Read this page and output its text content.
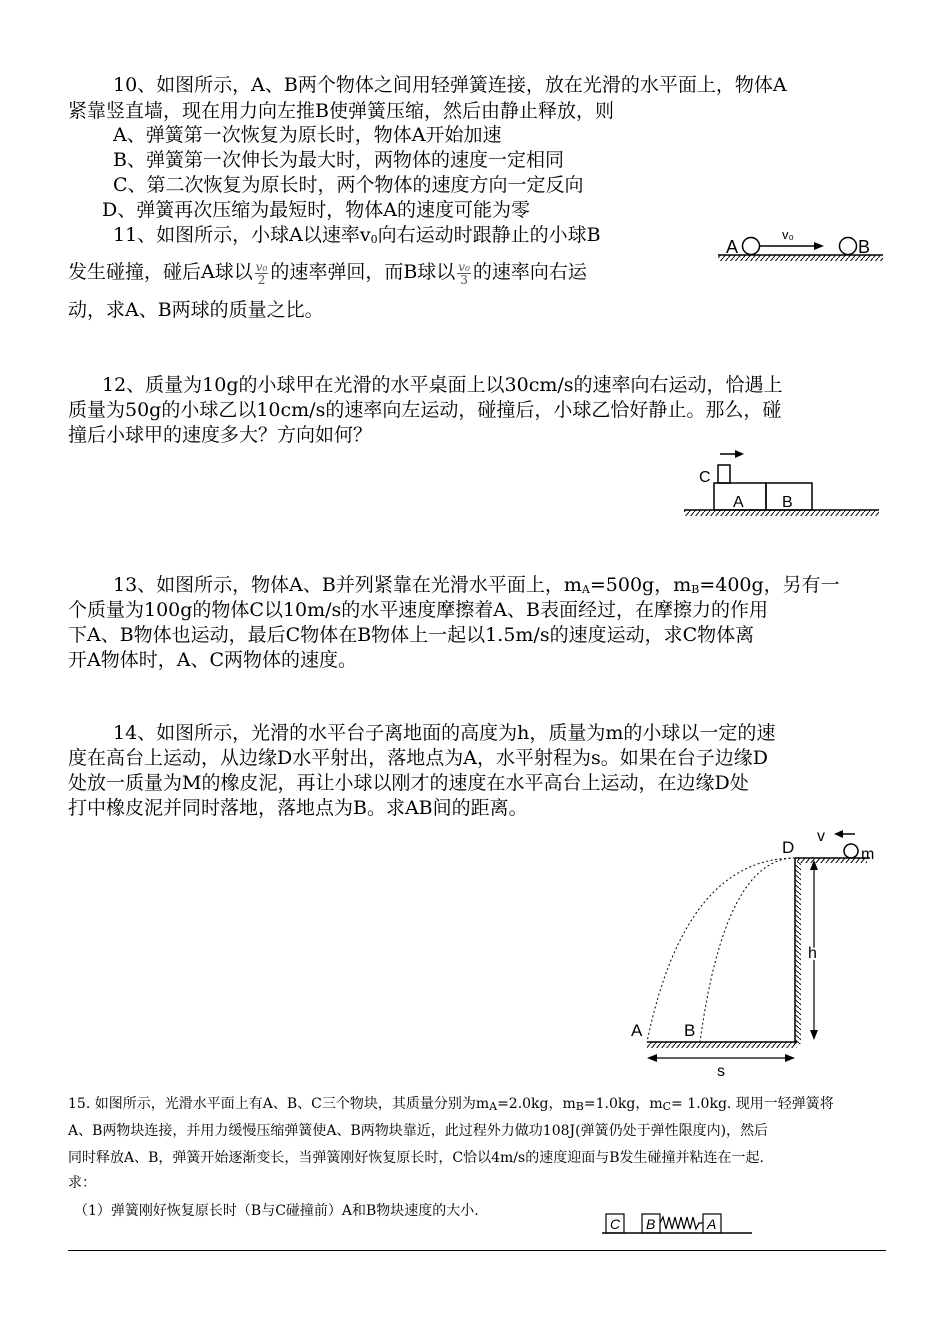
10、如图所示，A、B两个物体之间用轻弹簧连接，放在光滑的水平面上，物体A
紧靠竖直墙，现在用力向左推B使弹簧压缩，然后由静止释放，则
A、弹簧第一次恢复为原长时，物体A开始加速
B、弹簧第一次伸长为最大时，两物体的速度一定相同
C、第二次恢复为原长时，两个物体的速度方向一定反向
D、弹簧再次压缩为最短时，物体A的速度可能为零
11、如图所示，小球A以速率$v_0$向右运动时跟静止的小球B
发生碰撞，碰后A球以 $\frac{\text{v₀}}{2}$ 的速率弹回，而B球以 $\frac{\text{v₀}}{3}$ 的速率向右运
动，求A、B两球的质量之比。
A
v₀
B
12、质量为10g的小球甲在光滑的水平桌面上以30cm/s的速率向右运动，恰遇上
质量为50g的小球乙以10cm/s的速率向左运动，碰撞后，小球乙恰好静止。那么，碰
撞后小球甲的速度多大？方向如何？
C
A B
13、如图所示，物体A、B并列紧靠在光滑水平面上，$m_A=500g$，$m_B=400g$，另有一
个质量为100g的物体C以10m/s的水平速度摩擦着A、B表面经过，在摩擦力的作用
下A、B物体也运动，最后C物体在B物体上一起以1.5m/s的速度运动，求C物体离
开A物体时，A、C两物体的速度。
14、如图所示，光滑的水平台子离地面的高度为h，质量为m的小球以一定的速
度在高台上运动，从边缘D水平射出，落地点为A，水平射程为s。如果在台子边缘D
处放一质量为M的橡皮泥，再让小球以刚才的速度在水平高台上运动，在边缘D处
打中橡皮泥并同时落地，落地点为B。求AB间的距离。
m
v
D
h
A B
s
15. 如图所示，光滑水平面上有A、B、C三个物块，其质量分别为$m_A=2.0kg$，$m_B=1.0kg$，$m_C= 1.0kg$. 现用一轻弹簧将
A、B两物块连接，并用力缓慢压缩弹簧使A、B两物块靠近，此过程外力做功108J(弹簧仍处于弹性限度内)，然后
同时释放A、B，弹簧开始逐渐变长，当弹簧刚好恢复原长时，C恰以4m/s的速度迎面与B发生碰撞并粘连在一起.
求：
（1）弹簧刚好恢复原长时（B与C碰撞前）A和B物块速度的大小.
C B	A
